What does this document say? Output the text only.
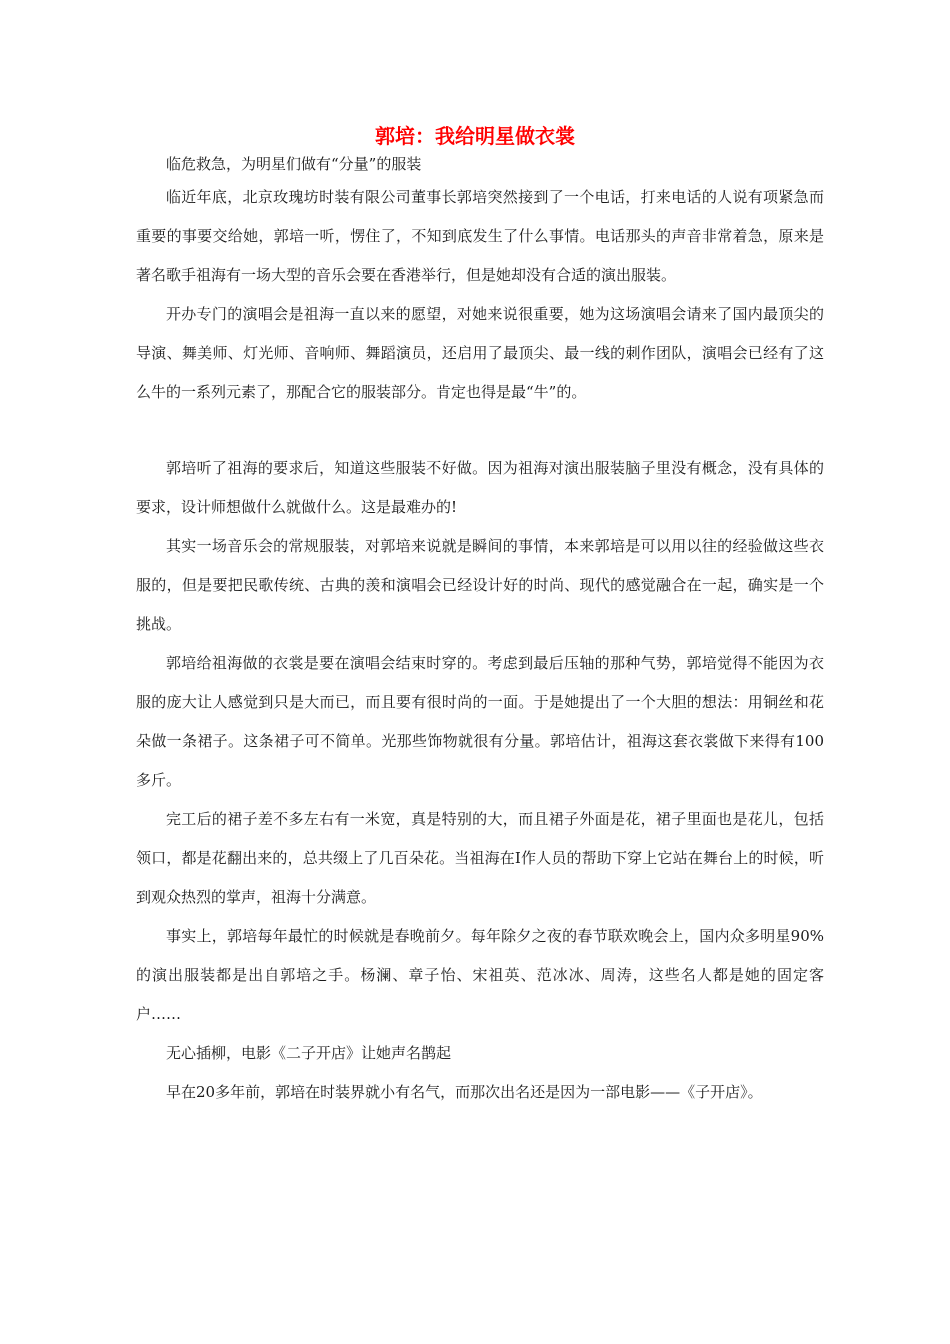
郭培：我给明星做衣裳

临危救急，为明星们做有“分量”的服装

临近年底，北京玫瑰坊时装有限公司董事长郭培突然接到了一个电话，打来电话的人说有项紧急而重要的事要交给她，郭培一听，愣住了，不知到底发生了什么事情。电话那头的声音非常着急，原来是著名歌手祖海有一场大型的音乐会要在香港举行，但是她却没有合适的演出服装。

开办专门的演唱会是祖海一直以来的愿望，对她来说很重要，她为这场演唱会请来了国内最顶尖的导演、舞美师、灯光师、音响师、舞蹈演员，还启用了最顶尖、最一线的刺作团队，演唱会已经有了这么牛的一系列元素了，那配合它的服装部分。肯定也得是最“牛”的。

郭培听了祖海的要求后，知道这些服装不好做。因为祖海对演出服装脑子里没有概念，没有具体的要求，设计师想做什么就做什么。这是最难办的!

其实一场音乐会的常规服装，对郭培来说就是瞬间的事情，本来郭培是可以用以往的经验做这些衣服的，但是要把民歌传统、古典的羡和演唱会已经设计好的时尚、现代的感觉融合在一起，确实是一个挑战。

郭培给祖海做的衣裳是要在演唱会结束时穿的。考虑到最后压轴的那种气势，郭培觉得不能因为衣服的庞大让人感觉到只是大而已，而且要有很时尚的一面。于是她提出了一个大胆的想法：用铜丝和花朵做一条裙子。这条裙子可不简单。光那些饰物就很有分量。郭培估计，祖海这套衣裳做下来得有100多斤。

完工后的裙子差不多左右有一米宽，真是特别的大，而且裙子外面是花，裙子里面也是花儿，包括领口，都是花翻出来的，总共缀上了几百朵花。当祖海在I作人员的帮助下穿上它站在舞台上的时候，听到观众热烈的掌声，祖海十分满意。

事实上，郭培每年最忙的时候就是春晚前夕。每年除夕之夜的春节联欢晚会上，国内众多明星90%的演出服装都是出自郭培之手。杨澜、章子怡、宋祖英、范冰冰、周涛，这些名人都是她的固定客户……

无心插柳，电影《二子开店》让她声名鹊起

早在20多年前，郭培在时装界就小有名气，而那次出名还是因为一部电影——《子开店》。
